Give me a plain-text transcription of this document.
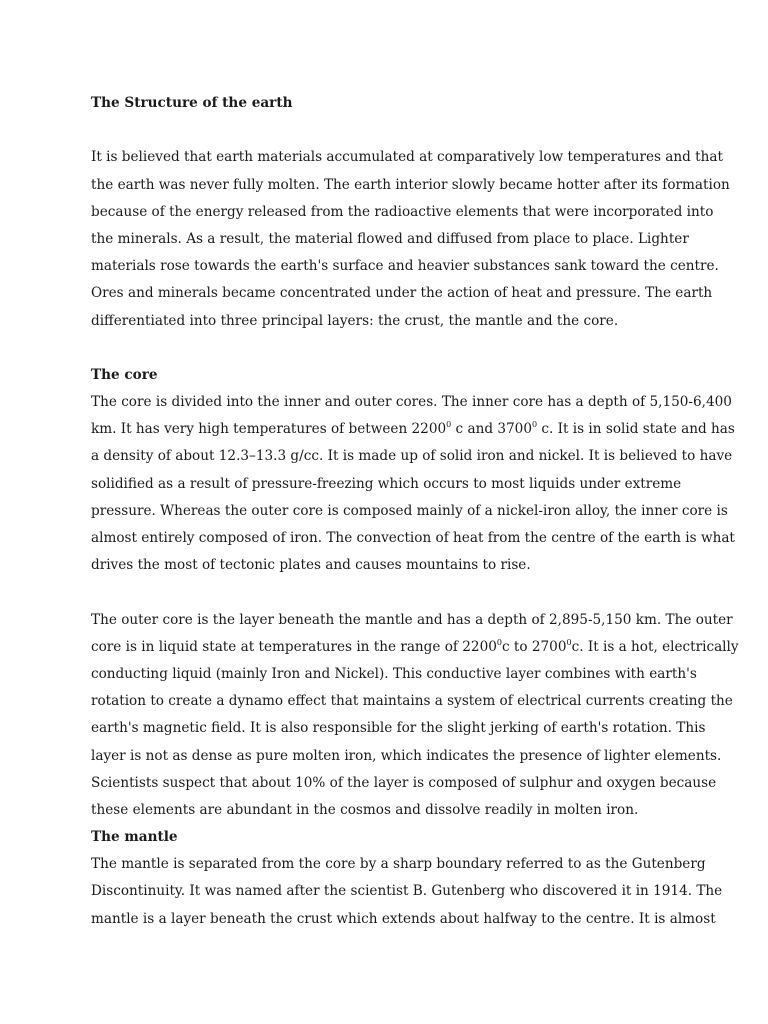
The Structure of the earth
It is believed that earth materials accumulated at comparatively low temperatures and that
the earth was never fully molten. The earth interior slowly became hotter after its formation
because of the energy released from the radioactive elements that were incorporated into
the minerals. As a result, the material flowed and diffused from place to place. Lighter
materials rose towards the earth's surface and heavier substances sank toward the centre.
Ores and minerals became concentrated under the action of heat and pressure. The earth
differentiated into three principal layers: the crust, the mantle and the core.
The core
The core is divided into the inner and outer cores. The inner core has a depth of 5,150-6,400
km. It has very high temperatures of between 2200$^0$ c and 3700$^0$ c. It is in solid state and has
a density of about 12.3–13.3 g/cc. It is made up of solid iron and nickel. It is believed to have
solidified as a result of pressure-freezing which occurs to most liquids under extreme
pressure. Whereas the outer core is composed mainly of a nickel-iron alloy, the inner core is
almost entirely composed of iron. The convection of heat from the centre of the earth is what
drives the most of tectonic plates and causes mountains to rise.
The outer core is the layer beneath the mantle and has a depth of 2,895-5,150 km. The outer
core is in liquid state at temperatures in the range of 2200$^0$c to 2700$^0$c. It is a hot, electrically
conducting liquid (mainly Iron and Nickel). This conductive layer combines with earth's
rotation to create a dynamo effect that maintains a system of electrical currents creating the
earth's magnetic field. It is also responsible for the slight jerking of earth's rotation. This
layer is not as dense as pure molten iron, which indicates the presence of lighter elements.
Scientists suspect that about 10% of the layer is composed of sulphur and oxygen because
these elements are abundant in the cosmos and dissolve readily in molten iron.
The mantle
The mantle is separated from the core by a sharp boundary referred to as the Gutenberg
Discontinuity. It was named after the scientist B. Gutenberg who discovered it in 1914. The
mantle is a layer beneath the crust which extends about halfway to the centre. It is almost
